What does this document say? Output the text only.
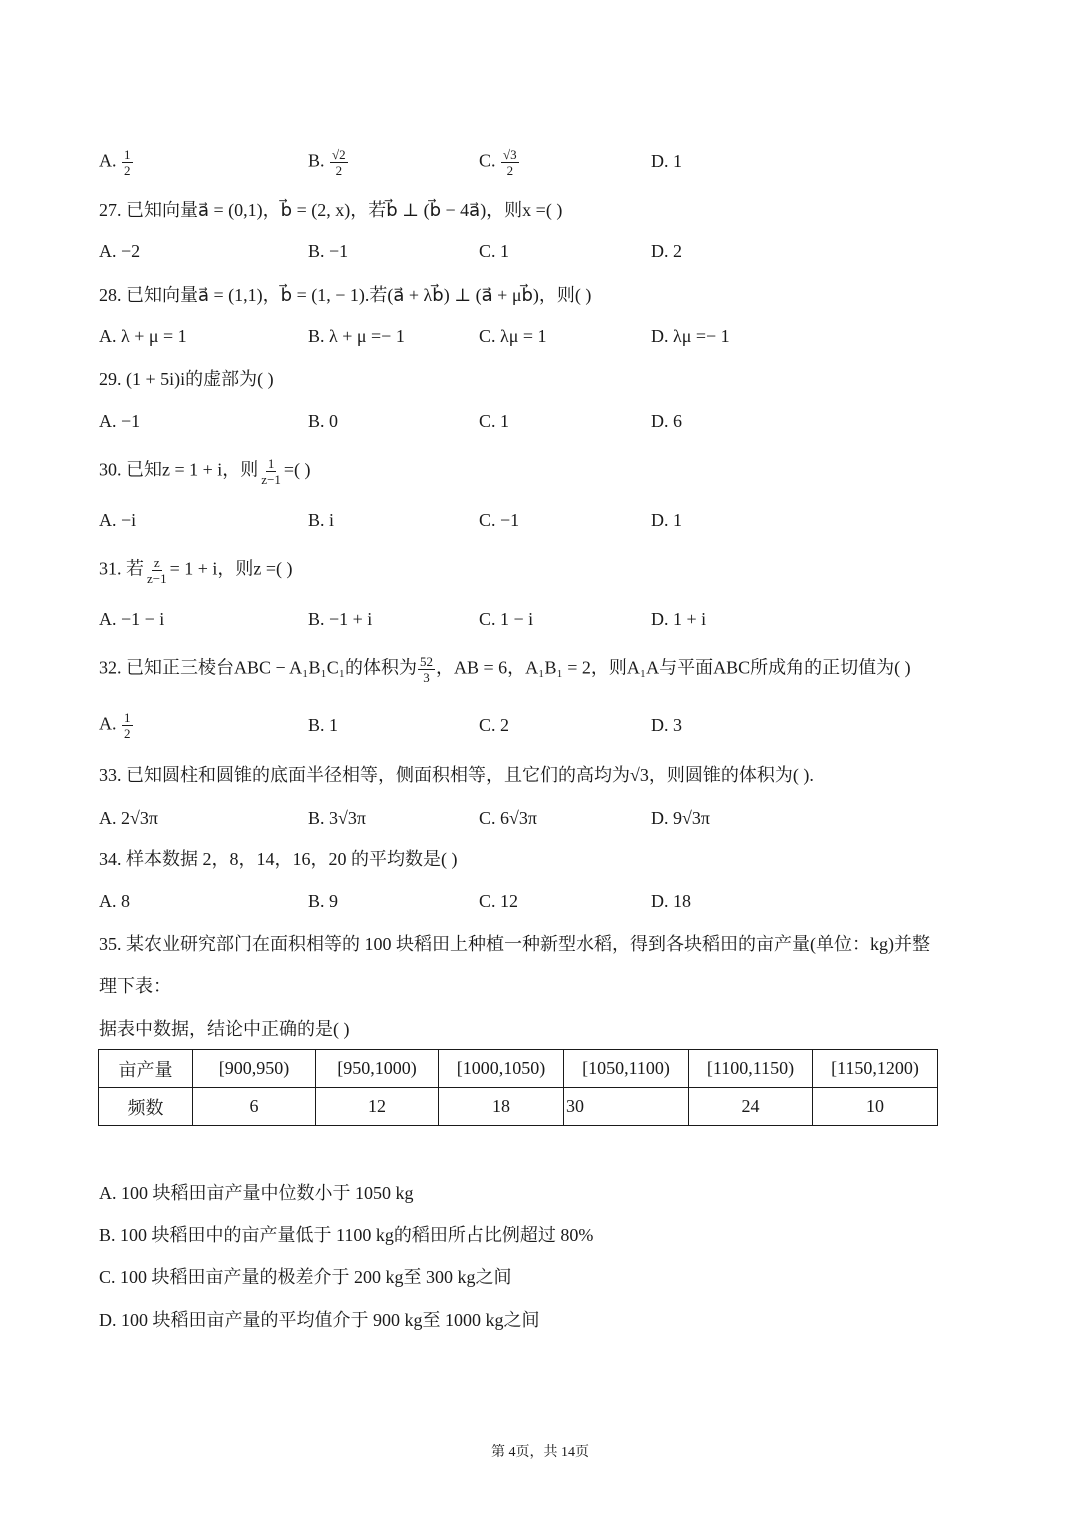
A. $\frac{1}{2}$	B. $\frac{√2}{2}$	C. $\frac{√3}{2}$	D. 1
27. 已知向量a⃗ = (0,1)，b⃗ = (2, x)，若b⃗ ⊥ (b⃗ − 4a⃗)，则x =( )
A. −2	B. −1	C. 1	D. 2
28. 已知向量a⃗ = (1,1)，b⃗ = (1, − 1).若(a⃗ + λb⃗) ⊥ (a⃗ + μb⃗)，则( )
A. λ + μ = 1	B. λ + μ =− 1	C. λμ = 1	D. λμ =− 1
29. (1 + 5i)i的虚部为( )
A. −1	B. 0	C. 1	D. 6
30. 已知z = 1 + i，则 $\frac{1}{z-1}$ =( )
A. −i	B. i	C. −1	D. 1
31. 若 $\frac{z}{z-1} = 1 + i$，则z =( )
A. −1 − i	B. −1 + i	C. 1 − i	D. 1 + i
32. 已知正三棱台ABC − A₁B₁C₁的体积为 $\frac{52}{3}$ ，AB = 6，A₁B₁ = 2，则A₁A与平面ABC所成角的正切值为( )
A. $\frac{1}{2}$	B. 1	C. 2	D. 3
33. 已知圆柱和圆锥的底面半径相等，侧面积相等，且它们的高均为√3，则圆锥的体积为( ).
A. 2√3π	B. 3√3π	C. 6√3π	D. 9√3π
34. 样本数据 2，8，14，16，20 的平均数是( )
A. 8	B. 9	C. 12	D. 18
35. 某农业研究部门在面积相等的 100 块稻田上种植一种新型水稻，得到各块稻田的亩产量(单位：kg)并整
理下表：
据表中数据，结论中正确的是( )
亩产量	[900,950)	[950,1000)	[1000,1050)	[1050,1100)	[1100,1150)	[1150,1200)
频数	6	12	18	30	24	10
A. 100 块稻田亩产量中位数小于 1050 kg
B. 100 块稻田中的亩产量低于 1100 kg的稻田所占比例超过 80%
C. 100 块稻田亩产量的极差介于 200 kg至 300 kg之间
D. 100 块稻田亩产量的平均值介于 900 kg至 1000 kg之间
第 4页，共 14页
